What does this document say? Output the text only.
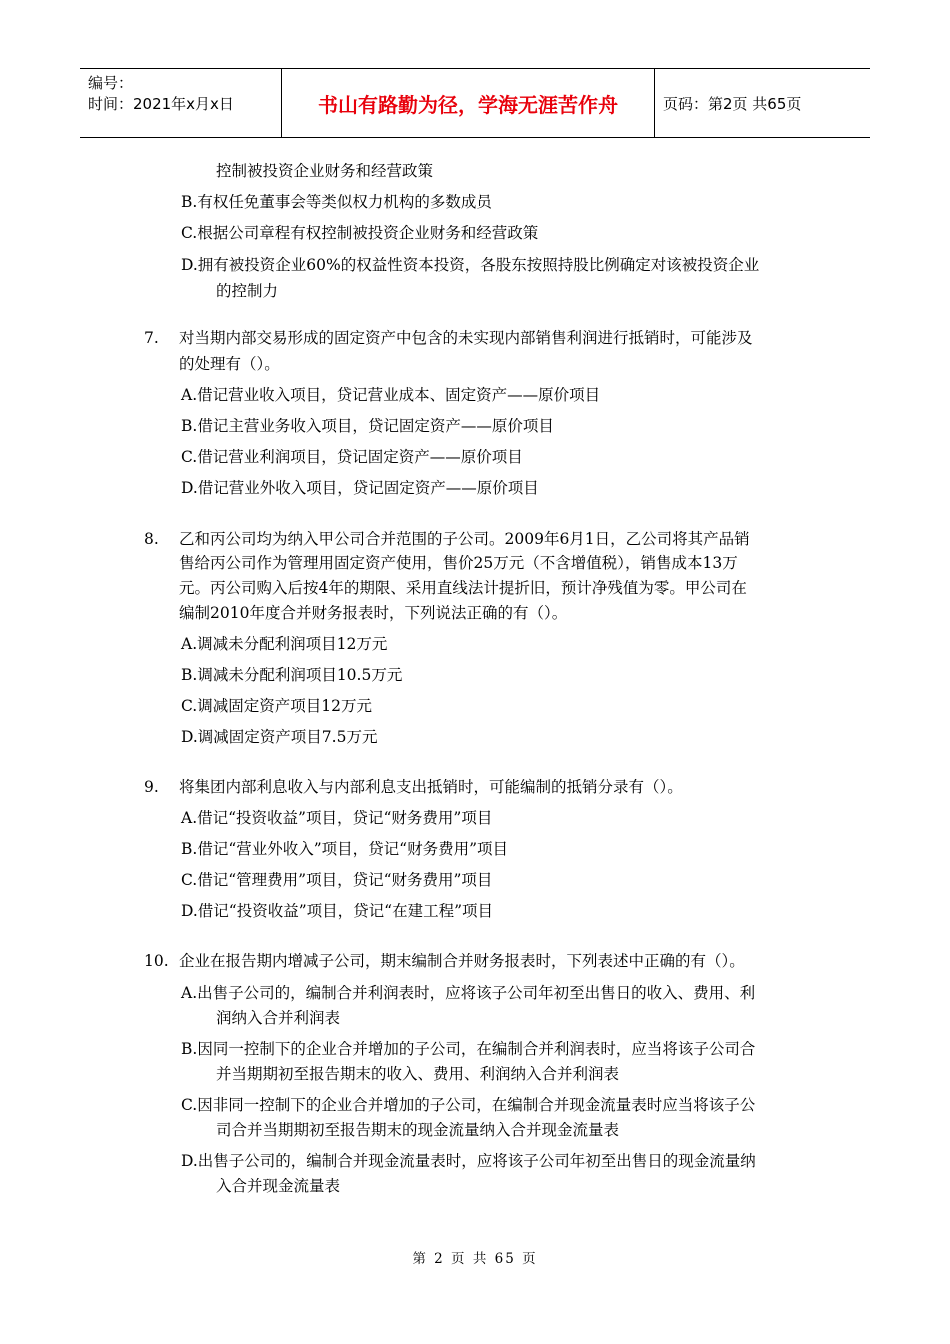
编号：
时间：2021年x月x日	书山有路勤为径，学海无涯苦作舟	页码：第2页 共65页
控制被投资企业财务和经营政策
B.有权任免董事会等类似权力机构的多数成员
C.根据公司章程有权控制被投资企业财务和经营政策
D.拥有被投资企业60%的权益性资本投资，各股东按照持股比例确定对该被投资企业
的控制力
7. 对当期内部交易形成的固定资产中包含的未实现内部销售利润进行抵销时，可能涉及
的处理有（）。
A.借记营业收入项目，贷记营业成本、固定资产——原价项目
B.借记主营业务收入项目，贷记固定资产——原价项目
C.借记营业利润项目，贷记固定资产——原价项目
D.借记营业外收入项目，贷记固定资产——原价项目
8. 乙和丙公司均为纳入甲公司合并范围的子公司。2009年6月1日，乙公司将其产品销
售给丙公司作为管理用固定资产使用，售价25万元（不含增值税），销售成本13万
元。丙公司购入后按4年的期限、采用直线法计提折旧，预计净残值为零。甲公司在
编制2010年度合并财务报表时，下列说法正确的有（）。
A.调减未分配利润项目12万元
B.调减未分配利润项目10.5万元
C.调减固定资产项目12万元
D.调减固定资产项目7.5万元
9. 将集团内部利息收入与内部利息支出抵销时，可能编制的抵销分录有（）。
A.借记“投资收益”项目，贷记“财务费用”项目
B.借记“营业外收入”项目，贷记“财务费用”项目
C.借记“管理费用”项目，贷记“财务费用”项目
D.借记“投资收益”项目，贷记“在建工程”项目
10. 企业在报告期内增减子公司，期末编制合并财务报表时，下列表述中正确的有（）。
A.出售子公司的，编制合并利润表时，应将该子公司年初至出售日的收入、费用、利
润纳入合并利润表
B.因同一控制下的企业合并增加的子公司，在编制合并利润表时，应当将该子公司合
并当期期初至报告期末的收入、费用、利润纳入合并利润表
C.因非同一控制下的企业合并增加的子公司，在编制合并现金流量表时应当将该子公
司合并当期期初至报告期末的现金流量纳入合并现金流量表
D.出售子公司的，编制合并现金流量表时，应将该子公司年初至出售日的现金流量纳
入合并现金流量表
第 2 页 共 65 页
